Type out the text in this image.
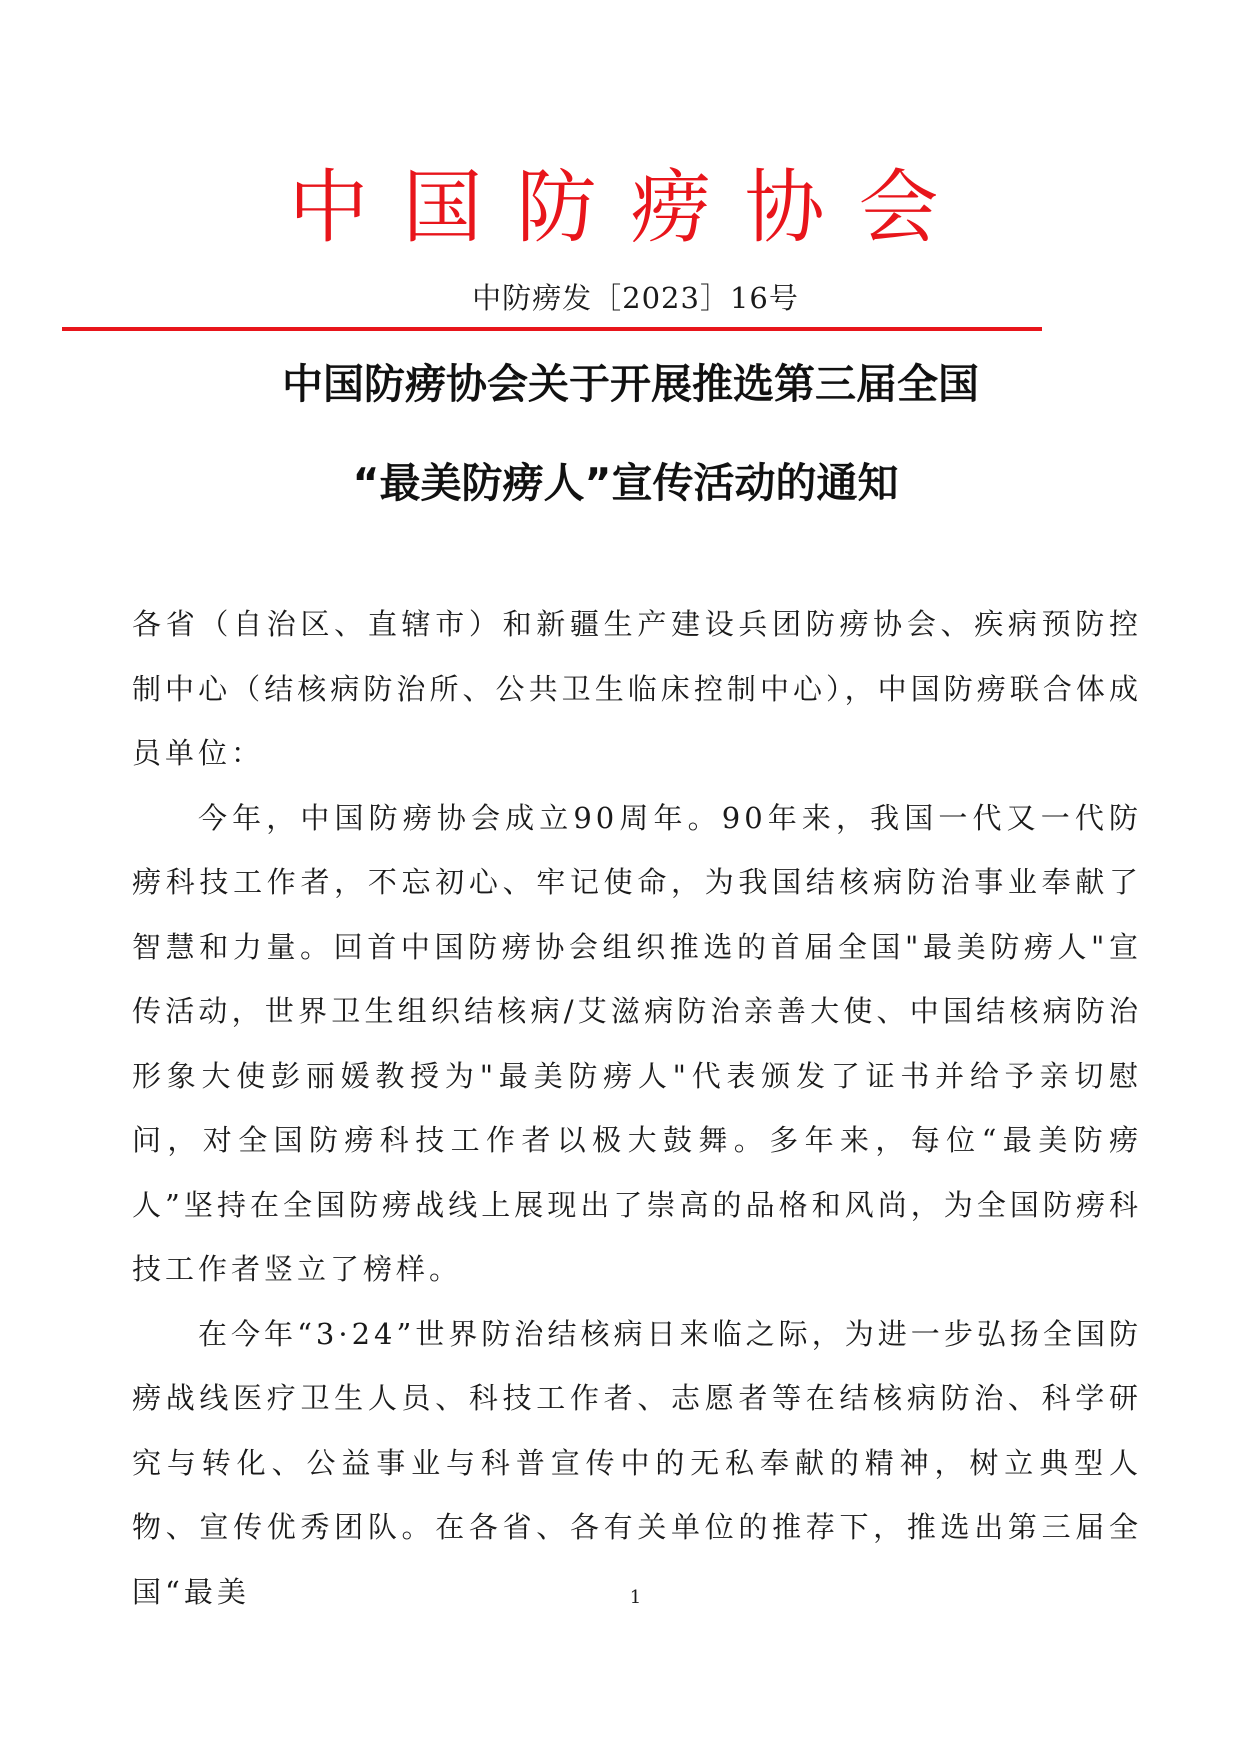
中国防痨协会
中防痨发［2023］16号
中国防痨协会关于开展推选第三届全国
“最美防痨人”宣传活动的通知

各省（自治区、直辖市）和新疆生产建设兵团防痨协会、疾病预防控制中心（结核病防治所、公共卫生临床控制中心），中国防痨联合体成员单位：

今年，中国防痨协会成立90周年。90年来，我国一代又一代防痨科技工作者，不忘初心、牢记使命，为我国结核病防治事业奉献了智慧和力量。回首中国防痨协会组织推选的首届全国"最美防痨人"宣传活动，世界卫生组织结核病/艾滋病防治亲善大使、中国结核病防治形象大使彭丽媛教授为"最美防痨人"代表颁发了证书并给予亲切慰问，对全国防痨科技工作者以极大鼓舞。多年来，每位“最美防痨人”坚持在全国防痨战线上展现出了崇高的品格和风尚，为全国防痨科技工作者竖立了榜样。

在今年“3·24”世界防治结核病日来临之际，为进一步弘扬全国防痨战线医疗卫生人员、科技工作者、志愿者等在结核病防治、科学研究与转化、公益事业与科普宣传中的无私奉献的精神，树立典型人物、宣传优秀团队。在各省、各有关单位的推荐下，推选出第三届全国“最美	1
